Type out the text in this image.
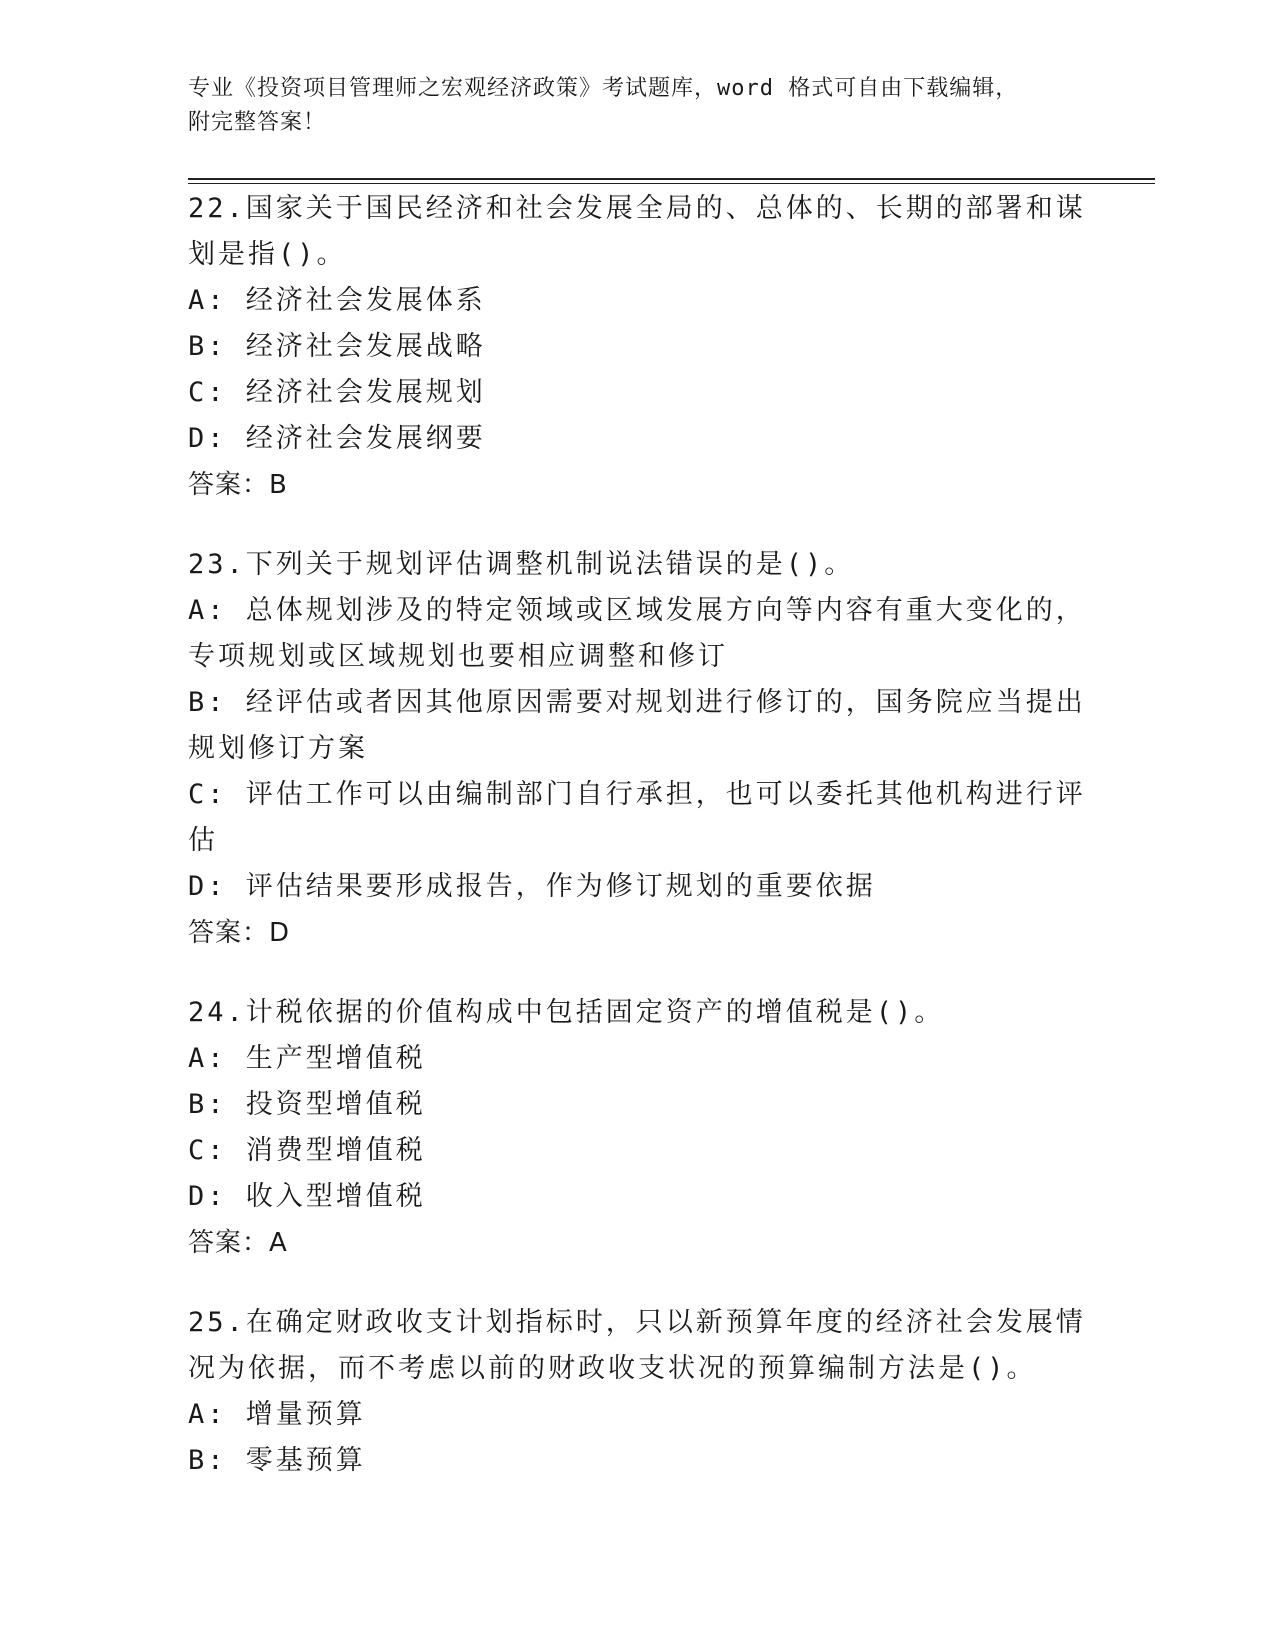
专业《投资项目管理师之宏观经济政策》考试题库，word 格式可自由下载编辑，
附完整答案！
22.国家关于国民经济和社会发展全局的、总体的、长期的部署和谋划是指()。
A: 经济社会发展体系
B: 经济社会发展战略
C: 经济社会发展规划
D: 经济社会发展纲要
答案：B
23.下列关于规划评估调整机制说法错误的是()。
A: 总体规划涉及的特定领域或区域发展方向等内容有重大变化的，专项规划或区域规划也要相应调整和修订
B: 经评估或者因其他原因需要对规划进行修订的，国务院应当提出规划修订方案
C: 评估工作可以由编制部门自行承担，也可以委托其他机构进行评估
D: 评估结果要形成报告，作为修订规划的重要依据
答案：D
24.计税依据的价值构成中包括固定资产的增值税是()。
A: 生产型增值税
B: 投资型增值税
C: 消费型增值税
D: 收入型增值税
答案：A
25.在确定财政收支计划指标时，只以新预算年度的经济社会发展情况为依据，而不考虑以前的财政收支状况的预算编制方法是()。
A: 增量预算
B: 零基预算
